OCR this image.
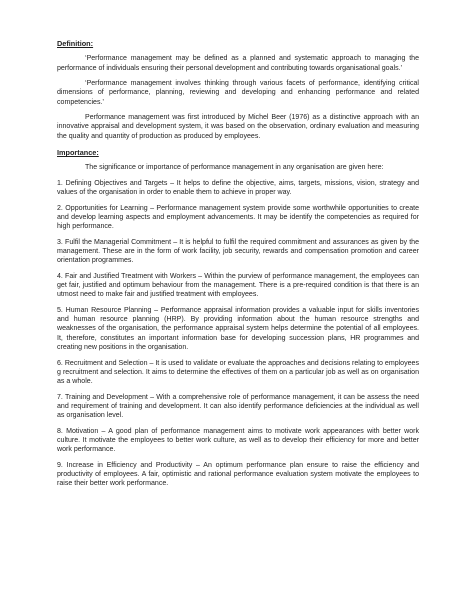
Definition:

‘Performance management may be defined as a planned and systematic approach to managing the performance of individuals ensuring their personal development and contributing towards organisational goals.’

‘Performance management involves thinking through various facets of performance, identifying critical dimensions of performance, planning, reviewing and developing and enhancing performance and related competencies.’

Performance management was first introduced by Michel Beer (1976) as a distinctive approach with an innovative appraisal and development system, it was based on the observation, ordinary evaluation and measuring the quality and quantity of production as produced by employees.

Importance:

The significance or importance of performance management in any organisation are given here:

1. Defining Objectives and Targets – It helps to define the objective, aims, targets, missions, vision, strategy and values of the organisation in order to enable them to achieve in proper way.

2. Opportunities for Learning – Performance management system provide some worthwhile opportunities to create and develop learning aspects and employment advancements. It may be identify the competencies as required for high performance.

3. Fulfil the Managerial Commitment – It is helpful to fulfil the required commitment and assurances as given by the management. These are in the form of work facility, job security, rewards and compensation promotion and career orientation programmes.

4. Fair and Justified Treatment with Workers – Within the purview of performance management, the employees can get fair, justified and optimum behaviour from the management. There is a pre-required condition is that there is an utmost need to make fair and justified treatment with employees.

5. Human Resource Planning – Performance appraisal information provides a valuable input for skills inventories and human resource planning (HRP). By providing information about the human resource strengths and weaknesses of the organisation, the performance appraisal system helps determine the potential of all employees. It, therefore, constitutes an important information base for developing succession plans, HR programmes and creating new positions in the organisation.

6. Recruitment and Selection – It is used to validate or evaluate the approaches and decisions relating to employees g recruitment and selection. It aims to determine the effectives of them on a particular job as well as on organisation as a whole.

7. Training and Development – With a comprehensive role of performance management, it can be assess the need and requirement of training and development. It can also identify performance deficiencies at the individual as well as organisation level.

8. Motivation – A good plan of performance management aims to motivate work appearances with better work culture. It motivate the employees to better work culture, as well as to develop their efficiency for more and better work performance.

9. Increase in Efficiency and Productivity – An optimum performance plan ensure to raise the efficiency and productivity of employees. A fair, optimistic and rational performance evaluation system motivate the employees to raise their better work performance.
